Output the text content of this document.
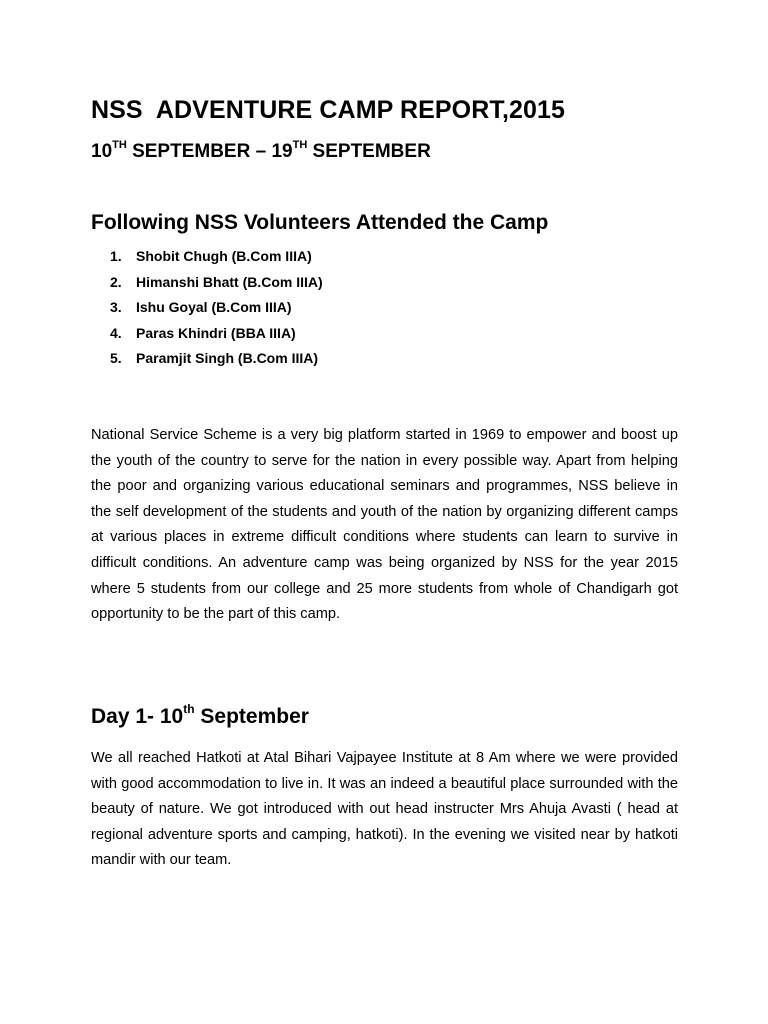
NSS  ADVENTURE CAMP REPORT,2015
10TH SEPTEMBER – 19TH SEPTEMBER
Following NSS Volunteers Attended the Camp
1. Shobit Chugh (B.Com IIIA)
2. Himanshi Bhatt (B.Com IIIA)
3. Ishu Goyal (B.Com IIIA)
4. Paras Khindri (BBA IIIA)
5. Paramjit Singh (B.Com IIIA)

National Service Scheme is a very big platform started in 1969 to empower and boost up the youth of the country to serve for the nation in every possible way. Apart from helping the poor and organizing various educational seminars and programmes, NSS believe in the self development of the students and youth of the nation by organizing different camps at various places in extreme difficult conditions where students can learn to survive in difficult conditions. An adventure camp was being organized by NSS for the year 2015 where 5 students from our college and 25 more students from whole of Chandigarh got opportunity to be the part of this camp.

Day 1- 10th September

We all reached Hatkoti at Atal Bihari Vajpayee Institute at 8 Am where we were provided with good accommodation to live in. It was an indeed a beautiful place surrounded with the beauty of nature. We got introduced with out head instructer Mrs Ahuja Avasti ( head at regional adventure sports and camping, hatkoti). In the evening we visited near by hatkoti mandir with our team.
